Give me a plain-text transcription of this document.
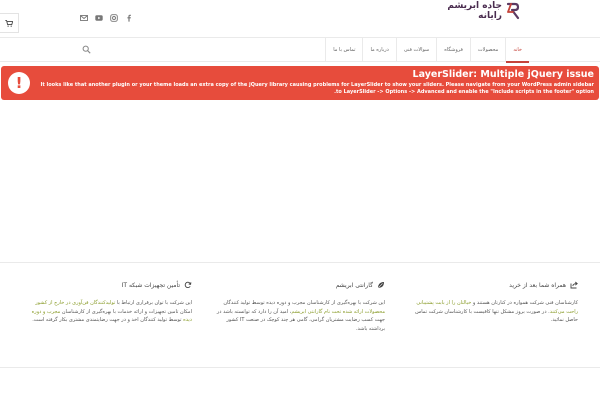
جاده ابریشم
رایانه
خانه
محصولات
فروشگاه
سوالات فنی
درباره ما
تماس با ما
!	LayerSlider: Multiple jQuery issue
It looks like that another plugin or your theme loads an extra copy of the jQuery library causing problems for LayerSlider to show your sliders. Please navigate from your WordPress admin sidebar to LayerSlider -> Options -> Advanced and enable the "Include scripts in the footer" option.
همراه شما بعد از خرید
کارشناسان فنی شرکت همواره در کنارتان هستند و خیالتان را از بابت پشتیبانی راحت می‌کنند. در صورت بروز مشکل تنها کافیست با کارشناسان شرکت تماس حاصل نمائید.
گارانتی ابریشم
این شرکت با بهره‌گیری از کارشناسان مجرب و دوره دیده توسط تولید کنندگان محصولات ارائه شده تحت نام گارانتی ابریشم، امید آن را دارد که توانسته باشد در جهت کسب رضایت مشتریان گرامی، گامی هر چند کوچک در صنعت IT کشور برداشته باشد.
تأمین تجهیزات شبکه IT
این شرکت با توان برقراری ارتباط با تولیدکنندگان فن‌آوری در خارج از کشور امکان تامین تجهیزات و ارائه خدمات با بهره‌گیری از کارشناسان مجرب و دوره دیده توسط تولید کنندگان اخذ و در جهت رضایتمندی مشتری بکار گرفته است.
